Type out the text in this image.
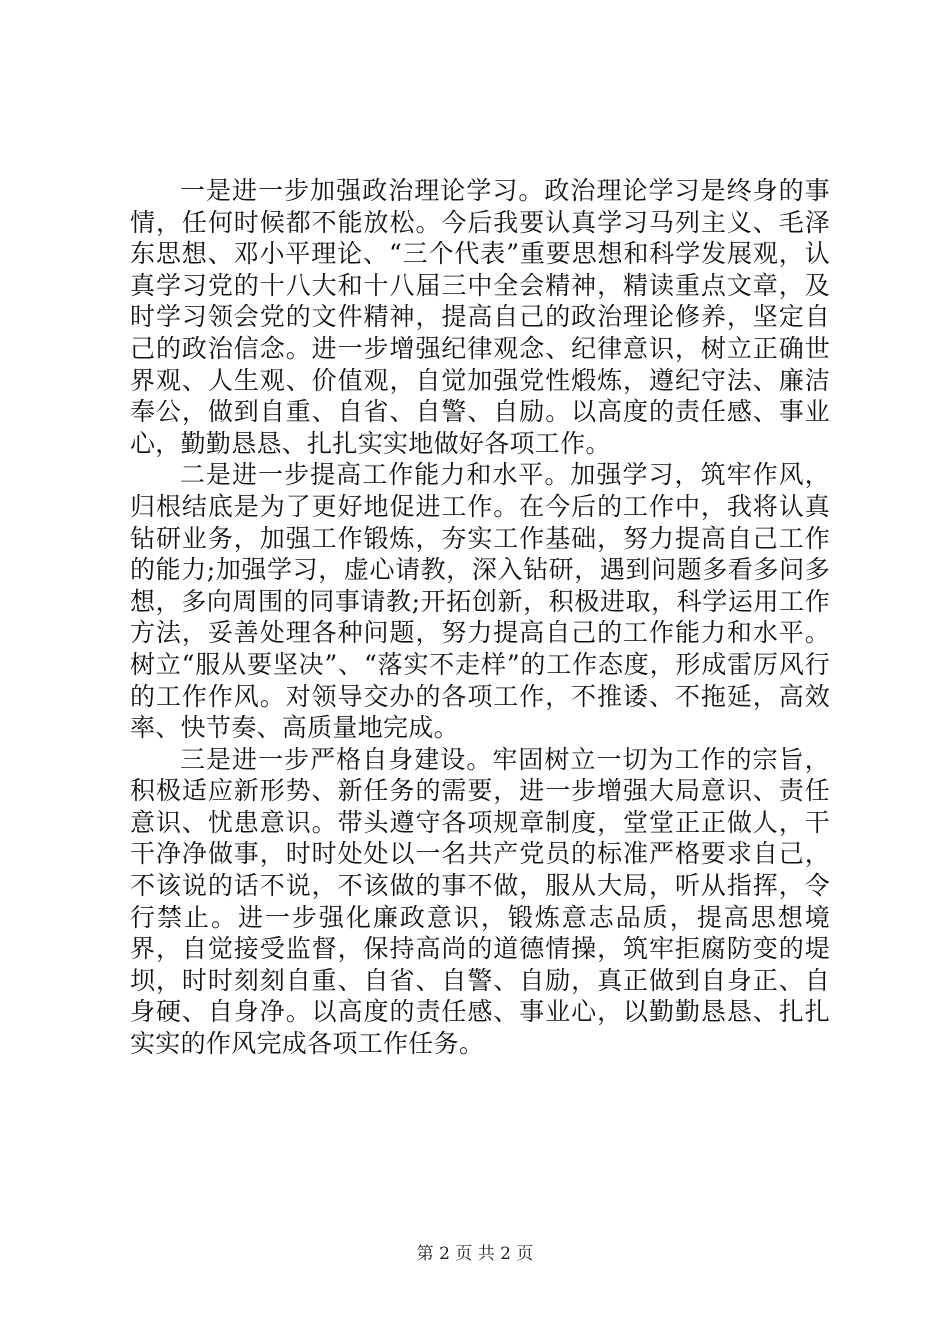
一是进一步加强政治理论学习。政治理论学习是终身的事情，任何时候都不能放松。今后我要认真学习马列主义、毛泽东思想、邓小平理论、“三个代表”重要思想和科学发展观，认真学习党的十八大和十八届三中全会精神，精读重点文章，及时学习领会党的文件精神，提高自己的政治理论修养，坚定自己的政治信念。进一步增强纪律观念、纪律意识，树立正确世界观、人生观、价值观，自觉加强党性煅炼，遵纪守法、廉洁奉公，做到自重、自省、自警、自励。以高度的责任感、事业心，勤勤恳恳、扎扎实实地做好各项工作。

二是进一步提高工作能力和水平。加强学习，筑牢作风，归根结底是为了更好地促进工作。在今后的工作中，我将认真钻研业务，加强工作锻炼，夯实工作基础，努力提高自己工作的能力;加强学习，虚心请教，深入钻研，遇到问题多看多问多想，多向周围的同事请教;开拓创新，积极进取，科学运用工作方法，妥善处理各种问题，努力提高自己的工作能力和水平。树立“服从要坚决”、“落实不走样”的工作态度，形成雷厉风行的工作作风。对领导交办的各项工作，不推诿、不拖延，高效率、快节奏、高质量地完成。

三是进一步严格自身建设。牢固树立一切为工作的宗旨，积极适应新形势、新任务的需要，进一步增强大局意识、责任意识、忧患意识。带头遵守各项规章制度，堂堂正正做人，干干净净做事，时时处处以一名共产党员的标准严格要求自己，不该说的话不说，不该做的事不做，服从大局，听从指挥，令行禁止。进一步强化廉政意识，锻炼意志品质，提高思想境界，自觉接受监督，保持高尚的道德情操，筑牢拒腐防变的堤坝，时时刻刻自重、自省、自警、自励，真正做到自身正、自身硬、自身净。以高度的责任感、事业心，以勤勤恳恳、扎扎实实的作风完成各项工作任务。

第 2 页 共 2 页
